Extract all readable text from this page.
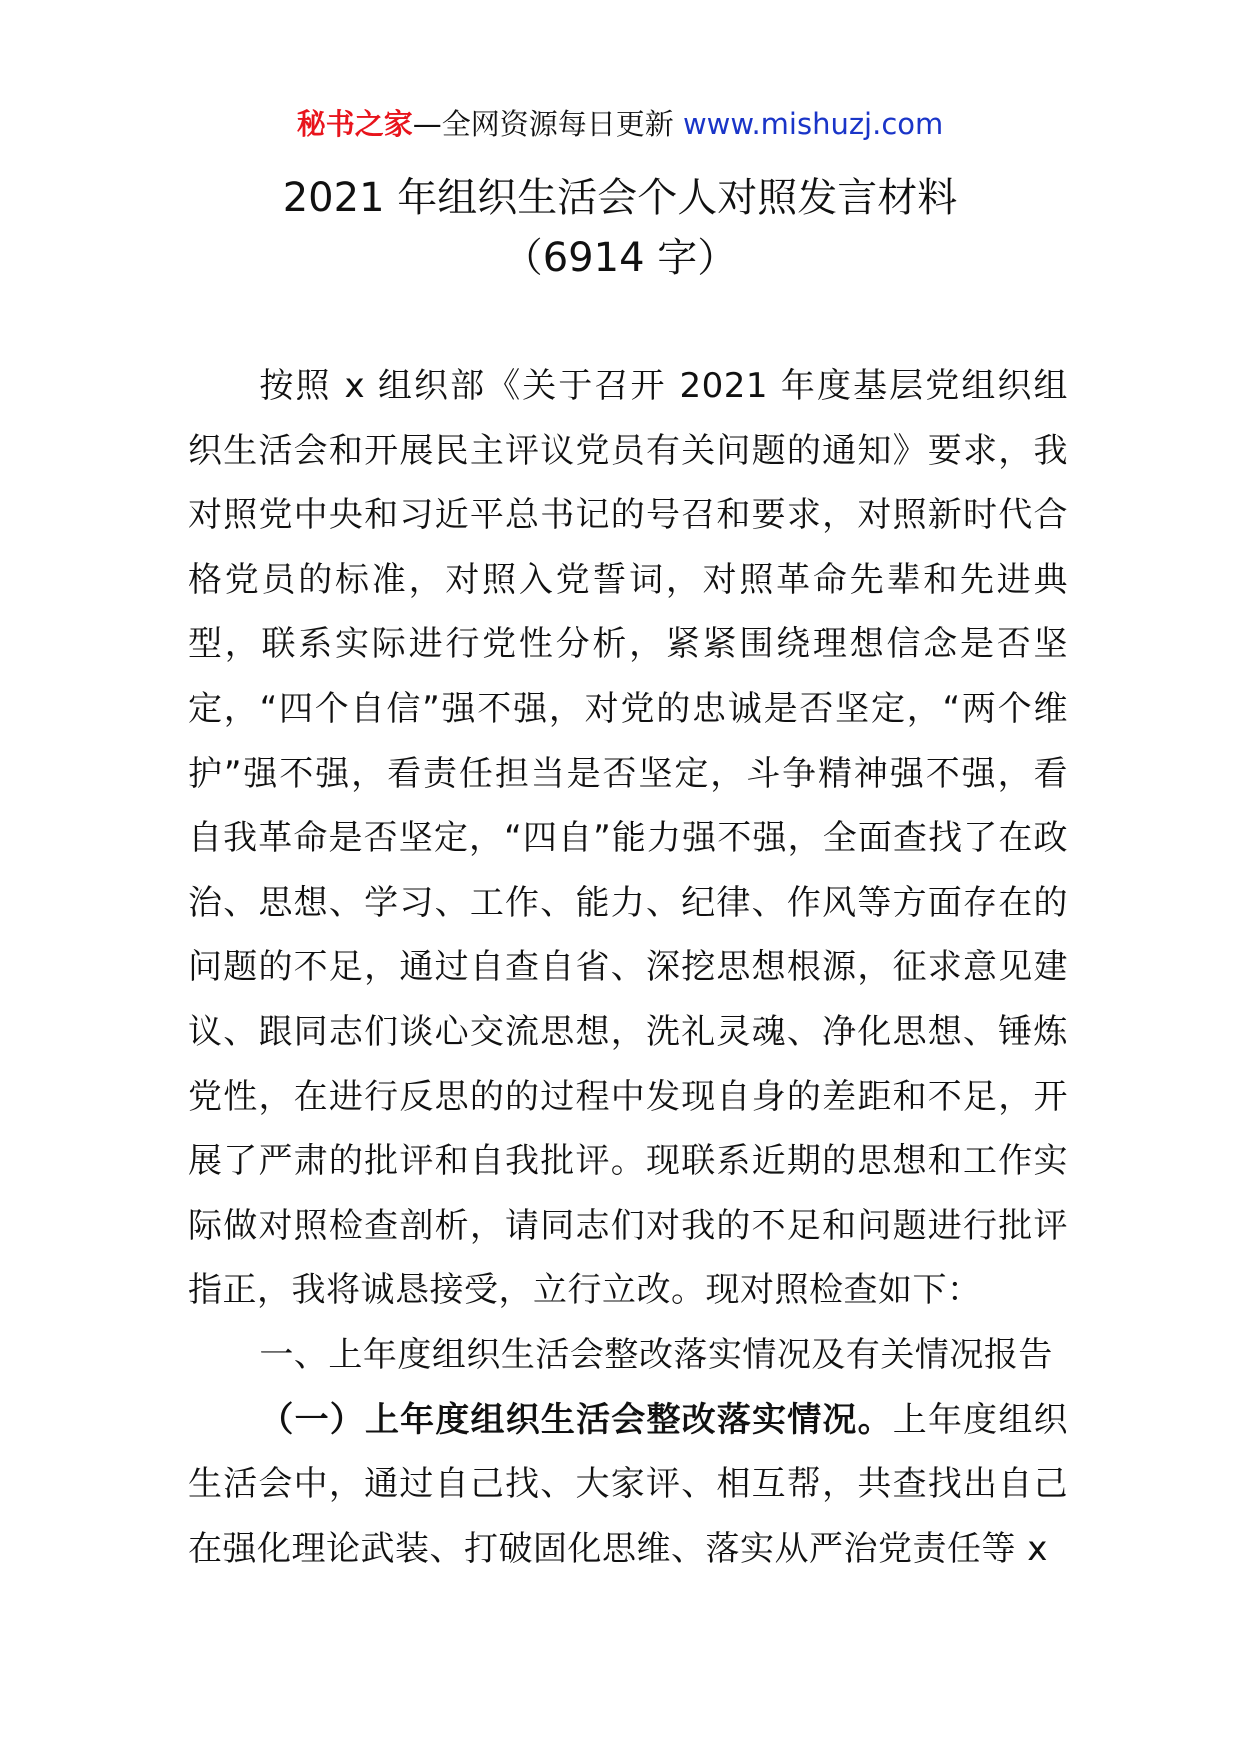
秘书之家—全网资源每日更新 www.mishuzj.com
2021 年组织生活会个人对照发言材料
（6914 字）

按照 x 组织部《关于召开 2021 年度基层党组织组织生活会和开展民主评议党员有关问题的通知》要求，我对照党中央和习近平总书记的号召和要求，对照新时代合格党员的标准，对照入党誓词，对照革命先辈和先进典型，联系实际进行党性分析，紧紧围绕理想信念是否坚定，“四个自信”强不强，对党的忠诚是否坚定，“两个维护”强不强，看责任担当是否坚定，斗争精神强不强，看自我革命是否坚定，“四自”能力强不强，全面查找了在政治、思想、学习、工作、能力、纪律、作风等方面存在的问题的不足，通过自查自省、深挖思想根源，征求意见建议、跟同志们谈心交流思想，洗礼灵魂、净化思想、锤炼党性，在进行反思的的过程中发现自身的差距和不足，开展了严肃的批评和自我批评。现联系近期的思想和工作实际做对照检查剖析，请同志们对我的不足和问题进行批评指正，我将诚恳接受，立行立改。现对照检查如下：

一、上年度组织生活会整改落实情况及有关情况报告

（一）上年度组织生活会整改落实情况。上年度组织生活会中，通过自己找、大家评、相互帮，共查找出自己在强化理论武装、打破固化思维、落实从严治党责任等 x
